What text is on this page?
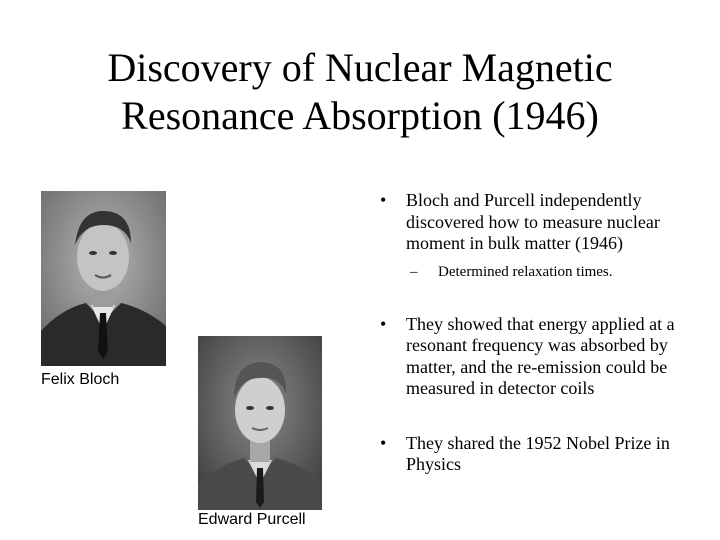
Discovery of Nuclear Magnetic
Resonance Absorption (1946)
Felix Bloch
Edward Purcell
• Bloch and Purcell independently discovered how to measure nuclear moment in bulk matter (1946)
– Determined relaxation times.
• They showed that energy applied at a resonant frequency was absorbed by matter, and the re-emission could be measured in detector coils
• They shared the 1952 Nobel Prize in Physics
